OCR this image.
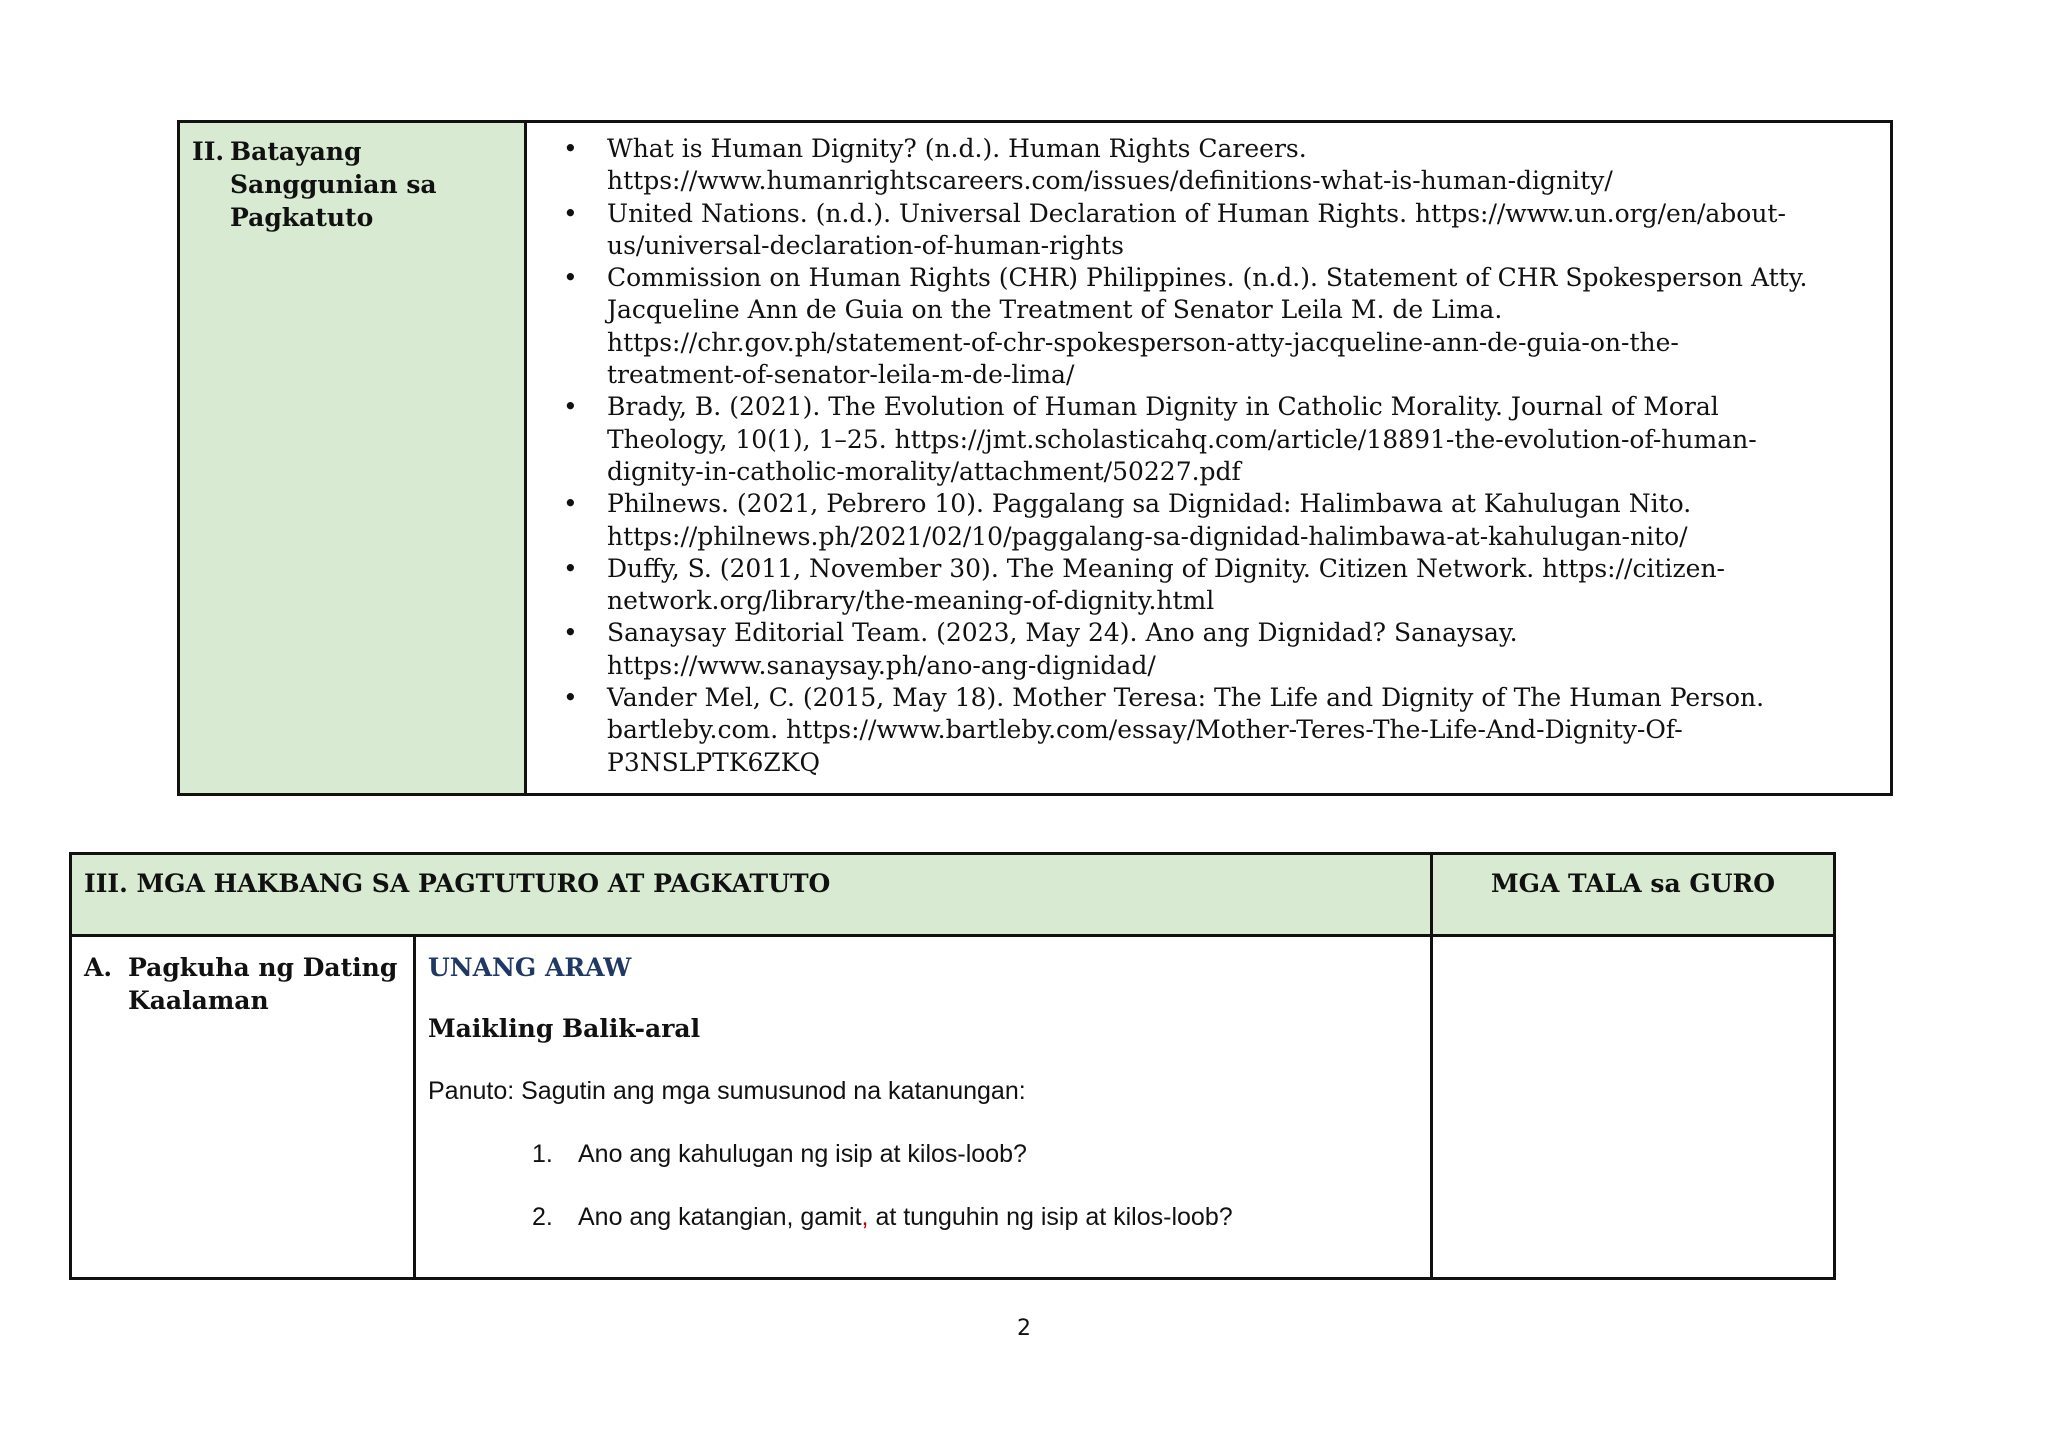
II. Batayang
Sanggunian sa
Pagkatuto
• What is Human Dignity? (n.d.). Human Rights Careers.
https://www.humanrightscareers.com/issues/definitions-what-is-human-dignity/
• United Nations. (n.d.). Universal Declaration of Human Rights. https://www.un.org/en/about-
us/universal-declaration-of-human-rights
• Commission on Human Rights (CHR) Philippines. (n.d.). Statement of CHR Spokesperson Atty.
Jacqueline Ann de Guia on the Treatment of Senator Leila M. de Lima.
https://chr.gov.ph/statement-of-chr-spokesperson-atty-jacqueline-ann-de-guia-on-the-
treatment-of-senator-leila-m-de-lima/
• Brady, B. (2021). The Evolution of Human Dignity in Catholic Morality. Journal of Moral
Theology, 10(1), 1–25. https://jmt.scholasticahq.com/article/18891-the-evolution-of-human-
dignity-in-catholic-morality/attachment/50227.pdf
• Philnews. (2021, Pebrero 10). Paggalang sa Dignidad: Halimbawa at Kahulugan Nito.
https://philnews.ph/2021/02/10/paggalang-sa-dignidad-halimbawa-at-kahulugan-nito/
• Duffy, S. (2011, November 30). The Meaning of Dignity. Citizen Network. https://citizen-
network.org/library/the-meaning-of-dignity.html
• Sanaysay Editorial Team. (2023, May 24). Ano ang Dignidad? Sanaysay.
https://www.sanaysay.ph/ano-ang-dignidad/
• Vander Mel, C. (2015, May 18). Mother Teresa: The Life and Dignity of The Human Person.
bartleby.com. https://www.bartleby.com/essay/Mother-Teres-The-Life-And-Dignity-Of-
P3NSLPTK6ZKQ
III. MGA HAKBANG SA PAGTUTURO AT PAGKATUTO	MGA TALA sa GURO
A. Pagkuha ng Dating
Kaalaman

UNANG ARAW

Maikling Balik-aral

Panuto: Sagutin ang mga sumusunod na katanungan:

1. Ano ang kahulugan ng isip at kilos-loob?
2. Ano ang katangian, gamit, at tunguhin ng isip at kilos-loob?
2
